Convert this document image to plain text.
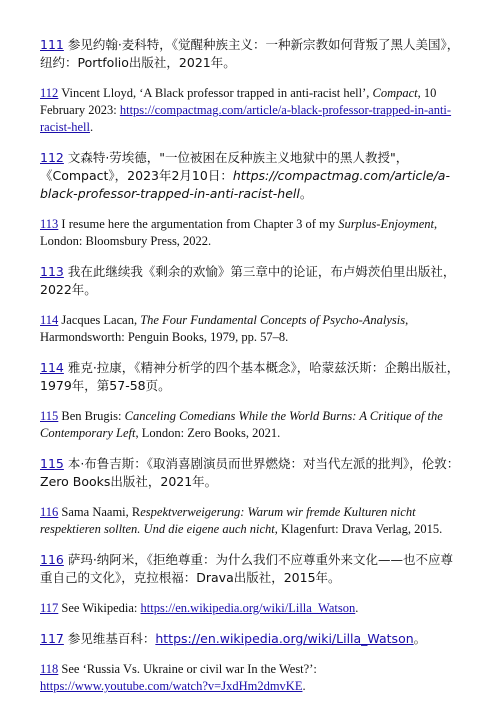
111 参见约翰·麦科特，《觉醒种族主义：一种新宗教如何背叛了黑人美国》，纽约：Portfolio出版社，2021年。

112 Vincent Lloyd, ‘A Black professor trapped in anti-racist hell’, Compact, 10 February 2023: https://compactmag.com/article/a-black-professor-trapped-in-anti-racist-hell.

112 文森特·劳埃德，"一位被困在反种族主义地狱中的黑人教授"，《Compact》，2023年2月10日：https://compactmag.com/article/a-black-professor-trapped-in-anti-racist-hell。

113 I resume here the argumentation from Chapter 3 of my Surplus-Enjoyment, London: Bloomsbury Press, 2022.

113 我在此继续我《剩余的欢愉》第三章中的论证，布卢姆茨伯里出版社，2022年。

114 Jacques Lacan, The Four Fundamental Concepts of Psycho-Analysis, Harmondsworth: Penguin Books, 1979, pp. 57–8.

114 雅克·拉康，《精神分析学的四个基本概念》，哈蒙兹沃斯：企鹅出版社，1979年，第57-58页。

115 Ben Brugis: Canceling Comedians While the World Burns: A Critique of the Contemporary Left, London: Zero Books, 2021.

115 本·布鲁吉斯：《取消喜剧演员而世界燃烧：对当代左派的批判》，伦敦：Zero Books出版社，2021年。

116 Sama Naami, Respektverweigerung: Warum wir fremde Kulturen nicht respektieren sollten. Und die eigene auch nicht, Klagenfurt: Drava Verlag, 2015.

116 萨玛·纳阿米，《拒绝尊重：为什么我们不应尊重外来文化——也不应尊重自己的文化》，克拉根福：Drava出版社，2015年。

117 See Wikipedia: https://en.wikipedia.org/wiki/Lilla_Watson.

117 参见维基百科：https://en.wikipedia.org/wiki/Lilla_Watson。

118 See ‘Russia Vs. Ukraine or civil war In the West?’: https://www.youtube.com/watch?v=JxdHm2dmvKE.
